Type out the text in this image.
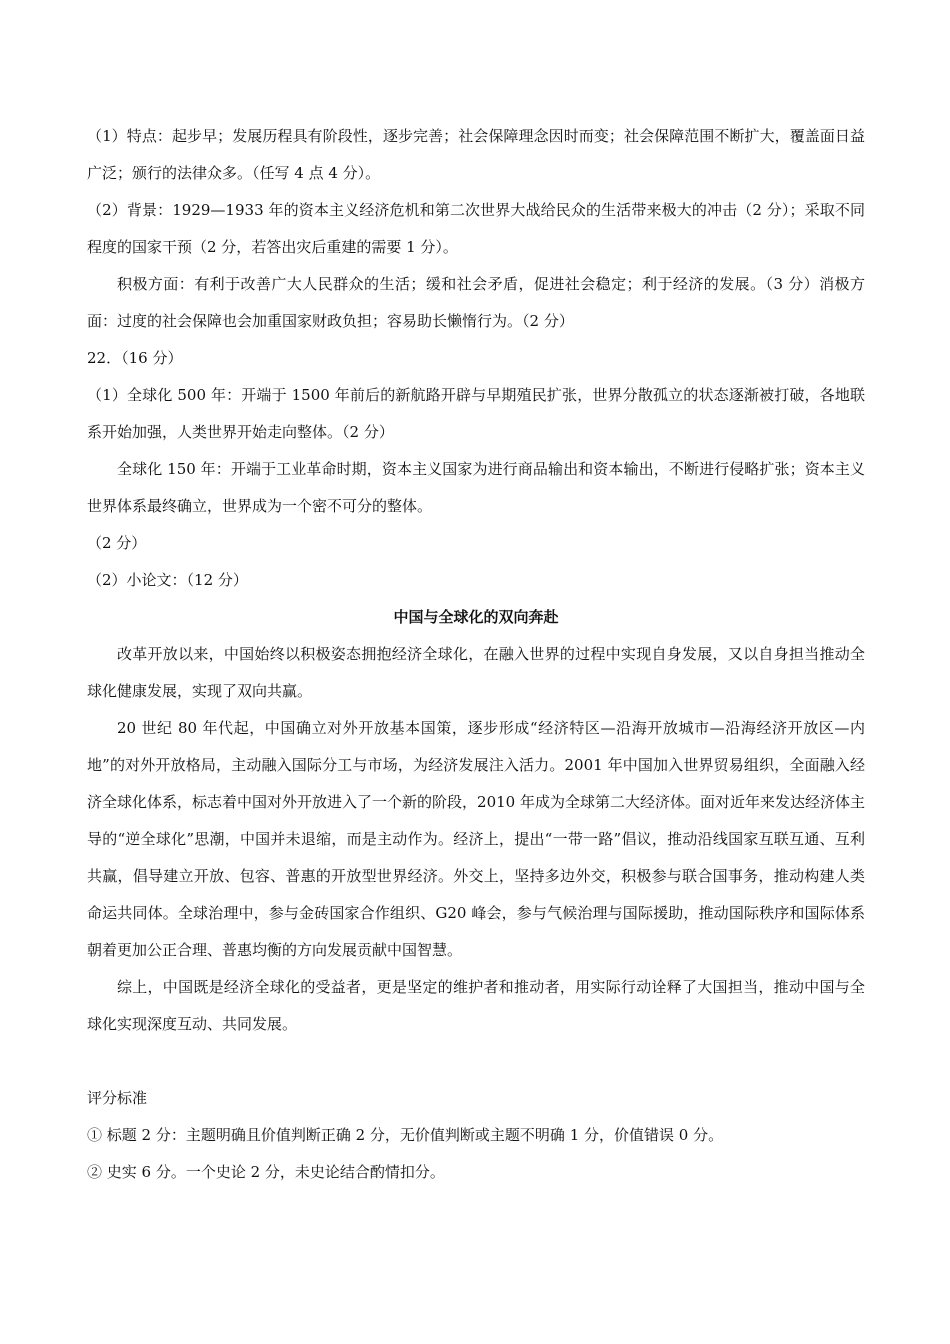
（1）特点：起步早；发展历程具有阶段性，逐步完善；社会保障理念因时而变；社会保障范围不断扩大，覆盖面日益广泛；颁行的法律众多。（任写 4 点 4 分）。

（2）背景：1929—1933 年的资本主义经济危机和第二次世界大战给民众的生活带来极大的冲击（2 分）；采取不同程度的国家干预（2 分，若答出灾后重建的需要 1 分）。

积极方面：有利于改善广大人民群众的生活；缓和社会矛盾，促进社会稳定；利于经济的发展。（3 分）消极方面：过度的社会保障也会加重国家财政负担；容易助长懒惰行为。（2 分）

22．（16 分）

（1）全球化 500 年：开端于 1500 年前后的新航路开辟与早期殖民扩张，世界分散孤立的状态逐渐被打破，各地联系开始加强，人类世界开始走向整体。（2 分）

全球化 150 年：开端于工业革命时期，资本主义国家为进行商品输出和资本输出，不断进行侵略扩张；资本主义世界体系最终确立，世界成为一个密不可分的整体。

（2 分）

（2）小论文：（12 分）

中国与全球化的双向奔赴

改革开放以来，中国始终以积极姿态拥抱经济全球化，在融入世界的过程中实现自身发展，又以自身担当推动全球化健康发展，实现了双向共赢。

20 世纪 80 年代起，中国确立对外开放基本国策，逐步形成“经济特区—沿海开放城市—沿海经济开放区—内地”的对外开放格局，主动融入国际分工与市场，为经济发展注入活力。2001 年中国加入世界贸易组织，全面融入经济全球化体系，标志着中国对外开放进入了一个新的阶段，2010 年成为全球第二大经济体。面对近年来发达经济体主导的“逆全球化”思潮，中国并未退缩，而是主动作为。经济上，提出“一带一路”倡议，推动沿线国家互联互通、互利共赢，倡导建立开放、包容、普惠的开放型世界经济。外交上，坚持多边外交，积极参与联合国事务，推动构建人类命运共同体。全球治理中，参与金砖国家合作组织、G20 峰会，参与气候治理与国际援助，推动国际秩序和国际体系朝着更加公正合理、普惠均衡的方向发展贡献中国智慧。

综上，中国既是经济全球化的受益者，更是坚定的维护者和推动者，用实际行动诠释了大国担当，推动中国与全球化实现深度互动、共同发展。

评分标准

① 标题 2 分：主题明确且价值判断正确 2 分，无价值判断或主题不明确 1 分，价值错误 0 分。

② 史实 6 分。一个史论 2 分，未史论结合酌情扣分。
